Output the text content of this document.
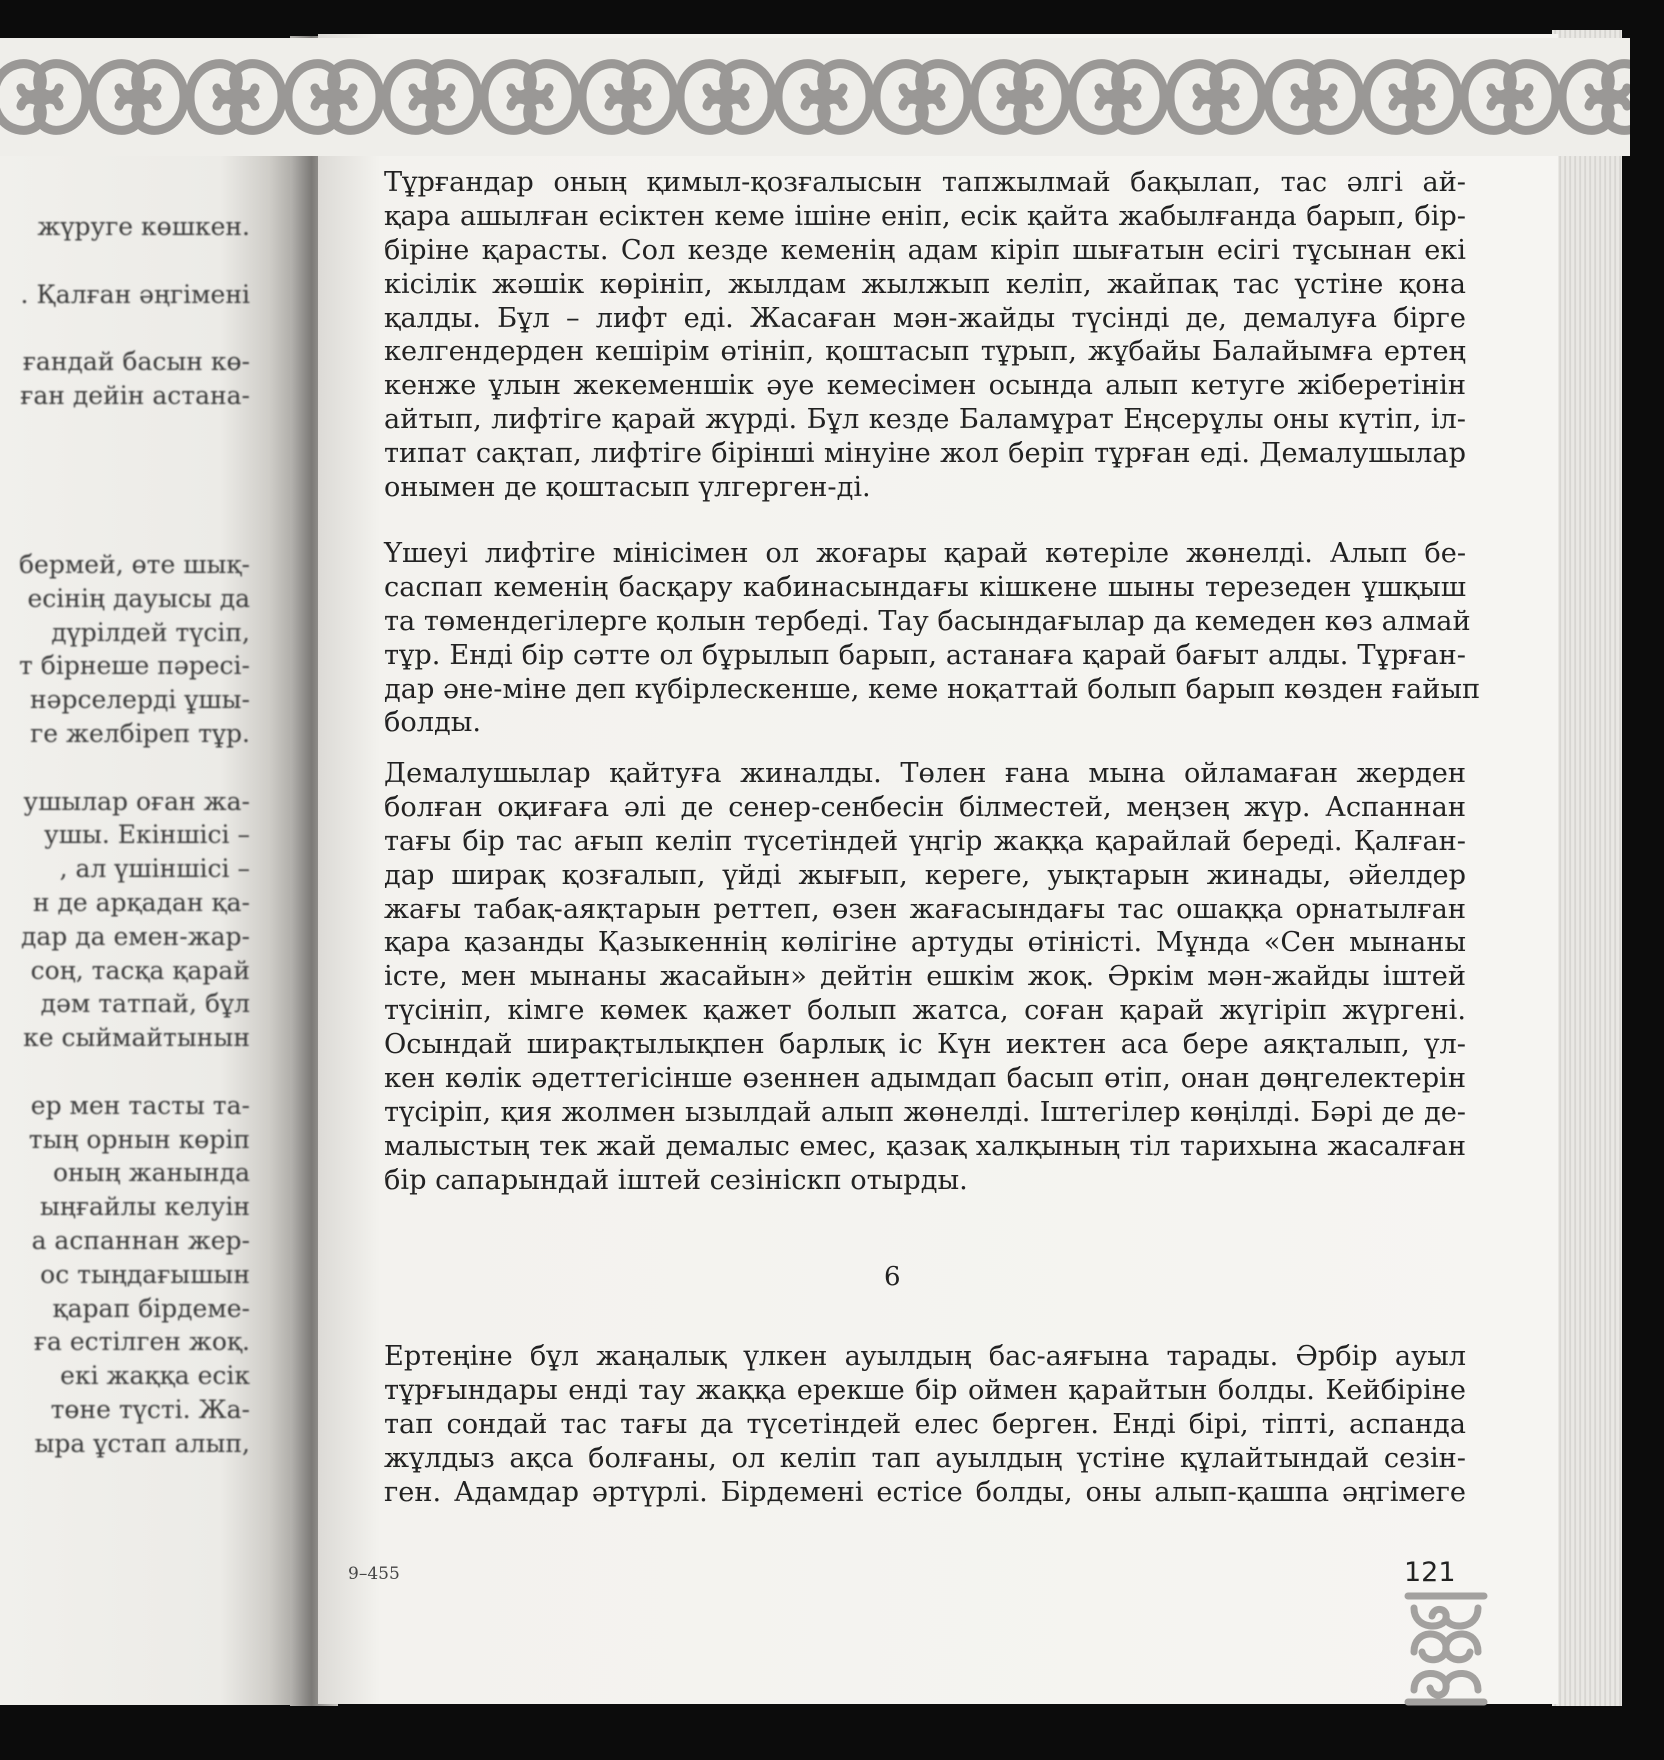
жүруге көшкен.

. Қалған әңгімені

ғандай басын кө-
ған дейін астана-

бермей, өте шық-
есінің дауысы да
дүрілдей түсіп,
т бірнеше пәресі-
нәрселерді ұшы-
ге желбіреп тұр.

ушылар оған жа-
ушы. Екіншісі –
, ал үшіншісі –
н де арқадан қа-
дар да емен-жар-
соң, тасқа қарай
дәм татпай, бұл
ке сыймайтынын

ер мен тасты та-
тың орнын көріп
оның жанында
ыңғайлы келуін
а аспаннан жер-
ос тыңдағышын
қарап бірдеме-
ға естілген жоқ.
екі жаққа есік
төне түсті. Жа-
ыра ұстап алып,
Тұрғандар оның қимыл-қозғалысын тапжылмай бақылап, тас әлгі ай-
қара ашылған есіктен кеме ішіне еніп, есік қайта жабылғанда барып, бір-
біріне қарасты. Сол кезде кеменің адам кіріп шығатын есігі тұсынан екі
кісілік жәшік көрініп, жылдам жылжып келіп, жайпақ тас үстіне қона
қалды. Бұл – лифт еді. Жасаған мән-жайды түсінді де, демалуға бірге
келгендерден кешірім өтініп, қоштасып тұрып, жұбайы Балайымға ертең
кенже ұлын жекеменшік әуе кемесімен осында алып кетуге жіберетінін
айтып, лифтіге қарай жүрді. Бұл кезде Баламұрат Еңсерұлы оны күтіп, іл-
типат сақтап, лифтіге бірінші мінуіне жол беріп тұрған еді. Демалушылар
онымен де қоштасып үлгерген-ді.
Үшеуі лифтіге мінісімен ол жоғары қарай көтеріле жөнелді. Алып бе-
саспап кеменің басқару кабинасындағы кішкене шыны терезеден ұшқыш
та төмендегілерге қолын тербеді. Тау басындағылар да кемеден көз алмай
тұр. Енді бір сәтте ол бұрылып барып, астанаға қарай бағыт алды. Тұрған-
дар әне-міне деп күбірлескенше, кеме ноқаттай болып барып көзден ғайып
болды.
Демалушылар қайтуға жиналды. Төлен ғана мына ойламаған жерден
болған оқиғаға әлі де сенер-сенбесін білместей, меңзең жүр. Аспаннан
тағы бір тас ағып келіп түсетіндей үңгір жаққа қарайлай береді. Қалған-
дар ширақ қозғалып, үйді жығып, кереге, уықтарын жинады, әйелдер
жағы табақ-аяқтарын реттеп, өзен жағасындағы тас ошаққа орнатылған
қара қазанды Қазыкеннің көлігіне артуды өтіністі. Мұнда «Сен мынаны
істе, мен мынаны жасайын» дейтін ешкім жоқ. Әркім мән-жайды іштей
түсініп, кімге көмек қажет болып жатса, соған қарай жүгіріп жүргені.
Осындай ширақтылықпен барлық іс Күн иектен аса бере аяқталып, үл-
кен көлік әдеттегісінше өзеннен адымдап басып өтіп, онан дөңгелектерін
түсіріп, қия жолмен ызылдай алып жөнелді. Іштегілер көңілді. Бәрі де де-
малыстың тек жай демалыс емес, қазақ халқының тіл тарихына жасалған
бір сапарындай іштей сезініскп отырды.
Ертеңіне бұл жаңалық үлкен ауылдың бас-аяғына тарады. Әрбір ауыл
тұрғындары енді тау жаққа ерекше бір оймен қарайтын болды. Кейбіріне
тап сондай тас тағы да түсетіндей елес берген. Енді бірі, тіпті, аспанда
жұлдыз ақса болғаны, ол келіп тап ауылдың үстіне құлайтындай сезін-
ген. Адамдар әртүрлі. Бірдемені естісе болды, оны алып-қашпа әңгімеге
6
9–455	121
